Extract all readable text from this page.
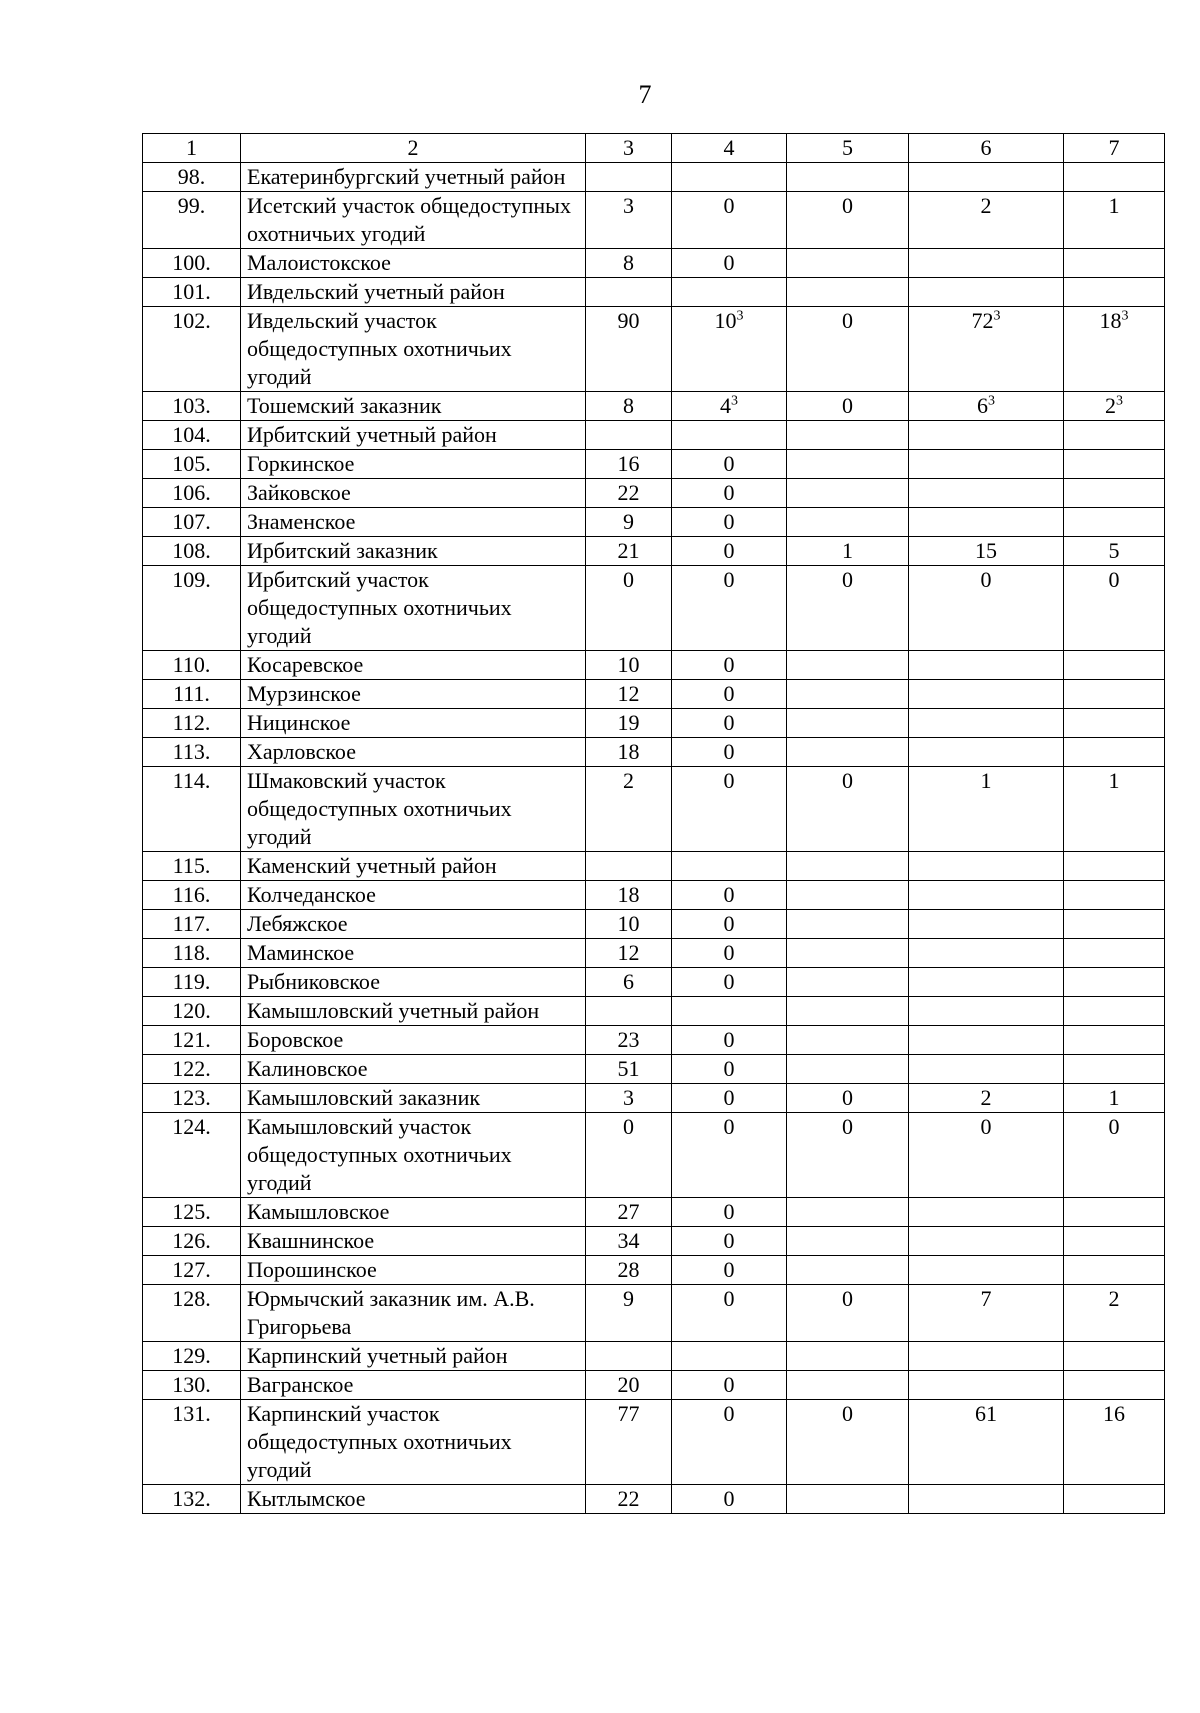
7
1	2	3	4	5	6	7
98.	Екатеринбургский учетный район					
99.	Исетский участок общедоступных охотничьих угодий	3	0	0	2	1
100.	Малоистокское	8	0			
101.	Ивдельский учетный район					
102.	Ивдельский участок общедоступных охотничьих угодий	90	$10^3$	0	$72^3$	$18^3$
103.	Тошемский заказник	8	$4^3$	0	$6^3$	$2^3$
104.	Ирбитский учетный район					
105.	Горкинское	16	0			
106.	Зайковское	22	0			
107.	Знаменское	9	0			
108.	Ирбитский заказник	21	0	1	15	5
109.	Ирбитский участок общедоступных охотничьих угодий	0	0	0	0	0
110.	Косаревское	10	0			
111.	Мурзинское	12	0			
112.	Ницинское	19	0			
113.	Харловское	18	0			
114.	Шмаковский участок общедоступных охотничьих угодий	2	0	0	1	1
115.	Каменский учетный район					
116.	Колчеданское	18	0			
117.	Лебяжское	10	0			
118.	Маминское	12	0			
119.	Рыбниковское	6	0			
120.	Камышловский учетный район					
121.	Боровское	23	0			
122.	Калиновское	51	0			
123.	Камышловский заказник	3	0	0	2	1
124.	Камышловский участок общедоступных охотничьих угодий	0	0	0	0	0
125.	Камышловское	27	0			
126.	Квашнинское	34	0			
127.	Порошинское	28	0			
128.	Юрмычский заказник им. А.В. Григорьева	9	0	0	7	2
129.	Карпинский учетный район					
130.	Вагранское	20	0			
131.	Карпинский участок общедоступных охотничьих угодий	77	0	0	61	16
132.	Кытлымское	22	0			
